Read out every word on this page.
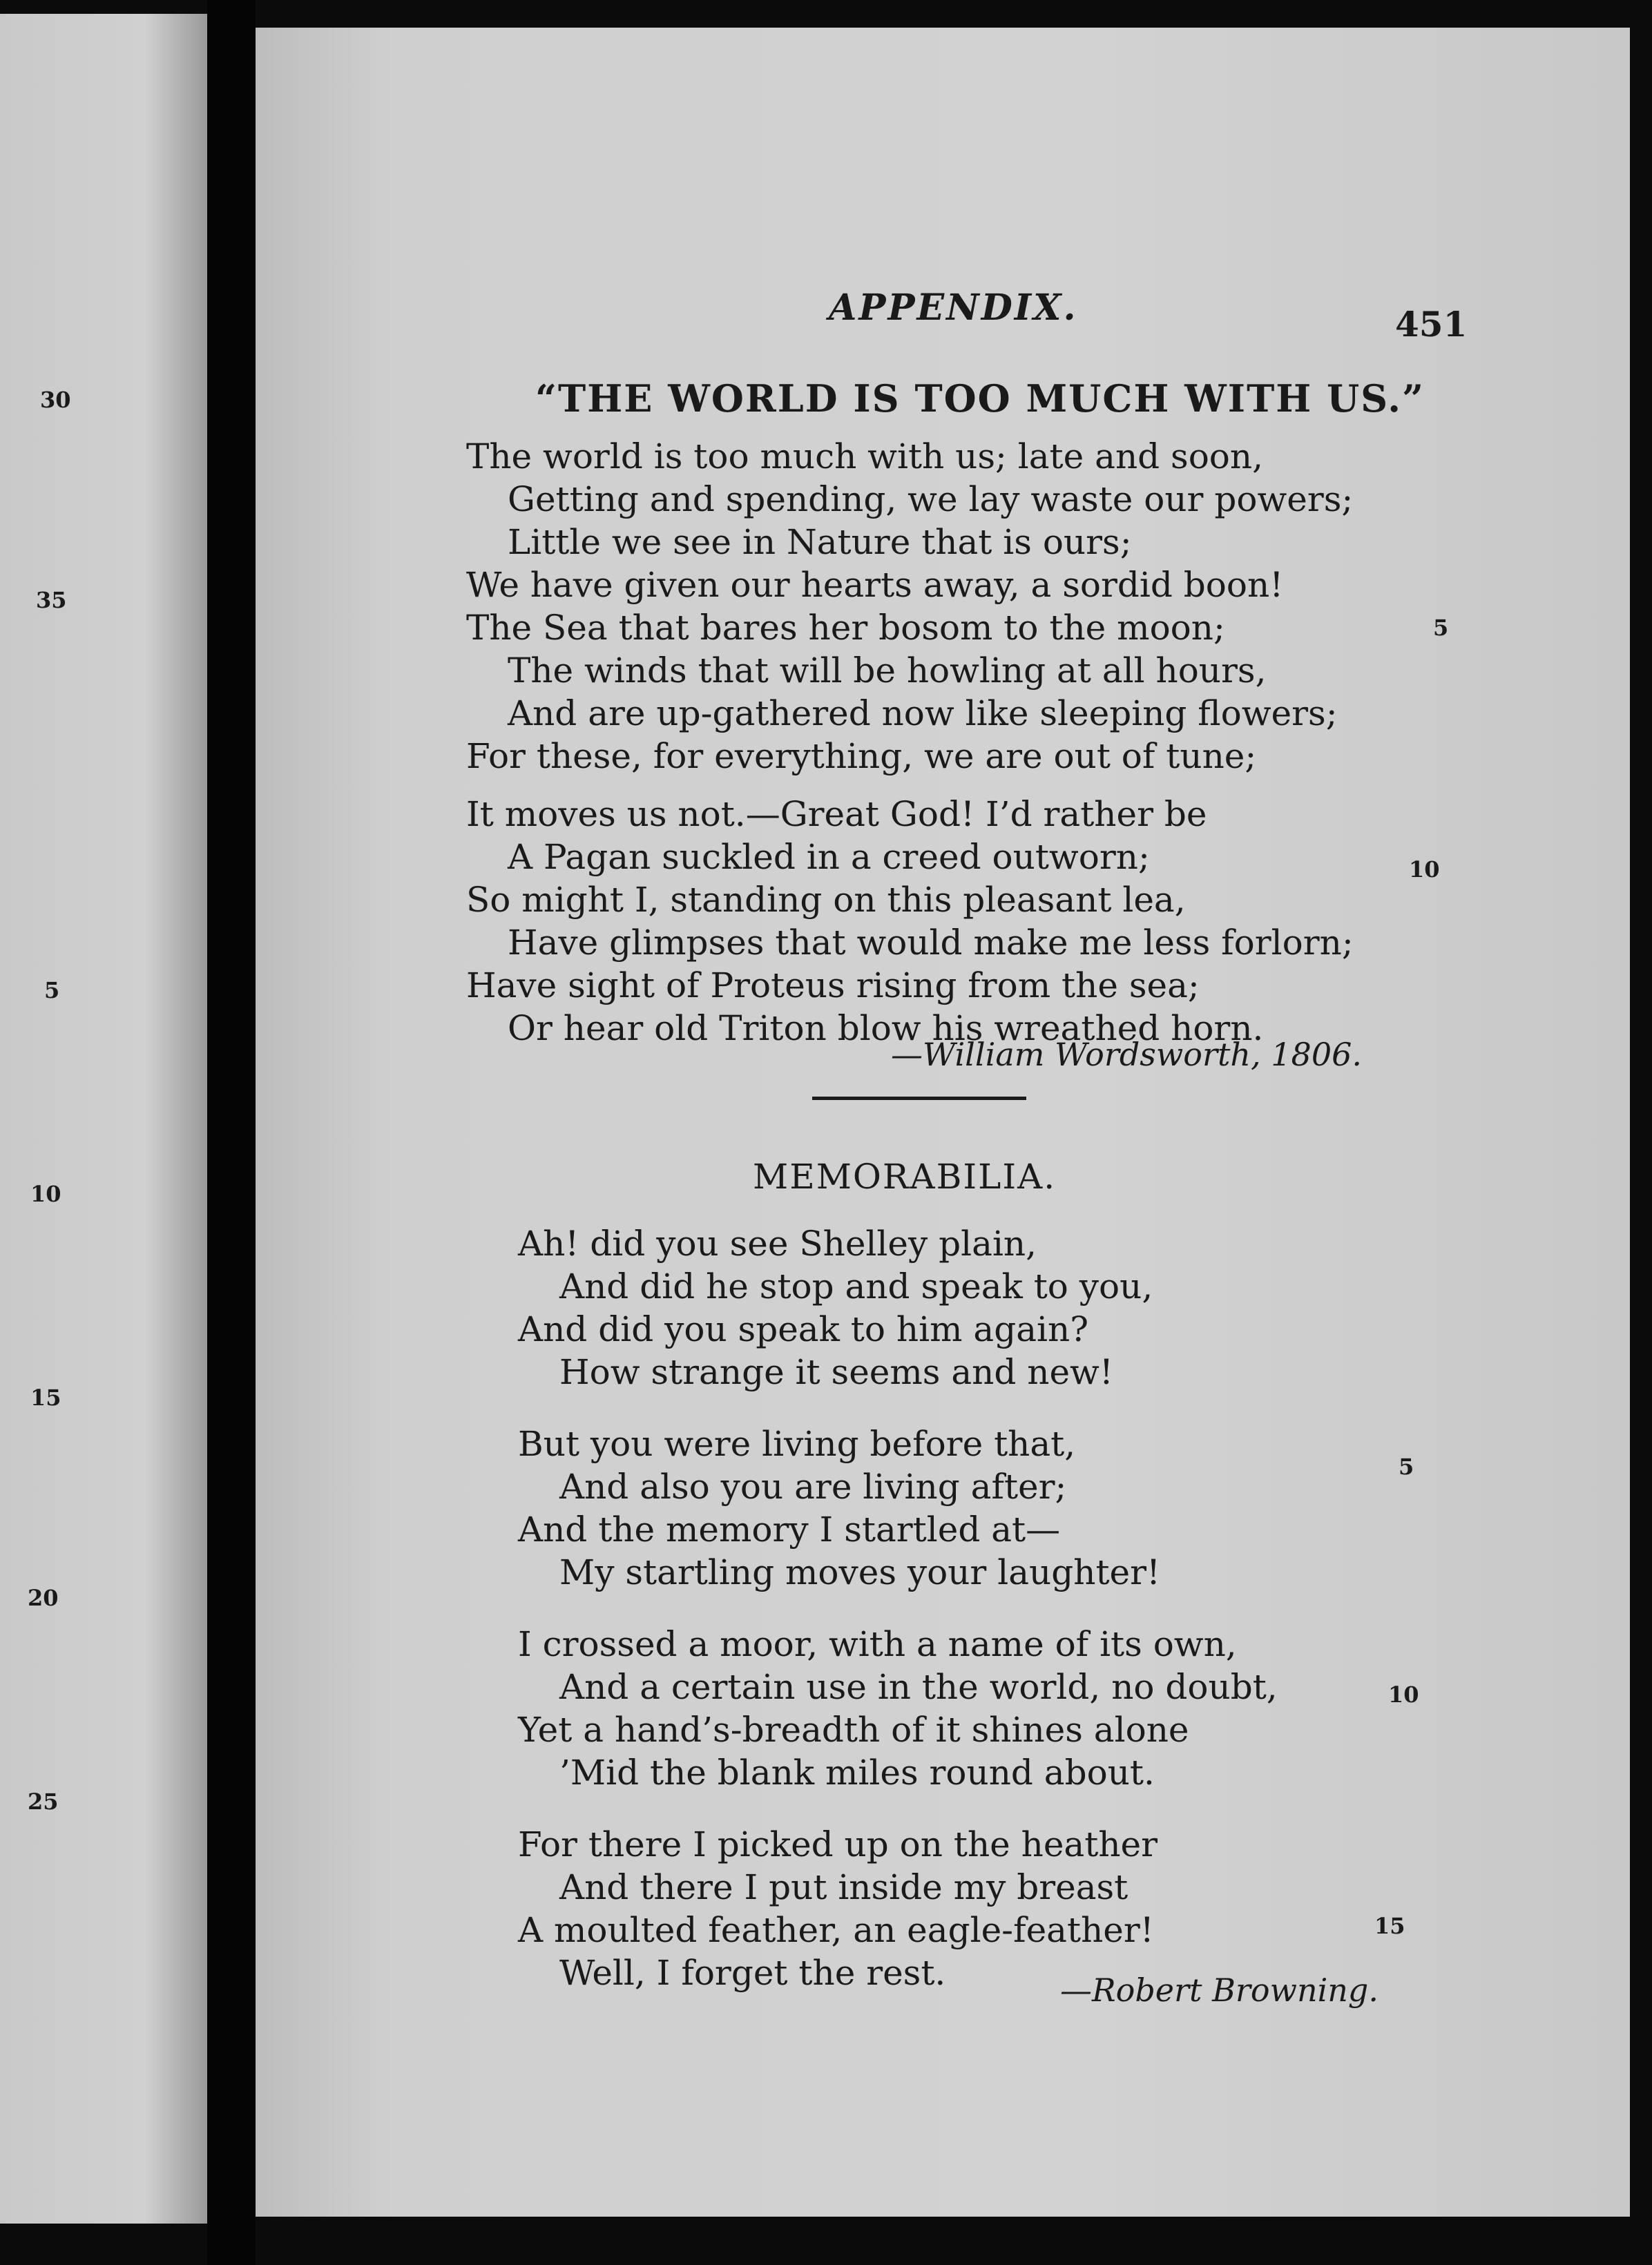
30
35
5
10
15
20
25
APPENDIX.	451
“THE WORLD IS TOO MUCH WITH US.”
The world is too much with us; late and soon,
Getting and spending, we lay waste our powers;
Little we see in Nature that is ours;
We have given our hearts away, a sordid boon!
The Sea that bares her bosom to the moon;
The winds that will be howling at all hours,
And are up-gathered now like sleeping flowers;
For these, for everything, we are out of tune;
It moves us not.—Great God! I’d rather be
A Pagan suckled in a creed outworn;
So might I, standing on this pleasant lea,
Have glimpses that would make me less forlorn;
Have sight of Proteus rising from the sea;
Or hear old Triton blow his wreathed horn.
5
10
—William Wordsworth, 1806.
MEMORABILIA.
Ah! did you see Shelley plain,
And did he stop and speak to you,
And did you speak to him again?
How strange it seems and new!
But you were living before that,
And also you are living after;
And the memory I startled at—
My startling moves your laughter!
I crossed a moor, with a name of its own,
And a certain use in the world, no doubt,
Yet a hand’s-breadth of it shines alone
’Mid the blank miles round about.
For there I picked up on the heather
And there I put inside my breast
A moulted feather, an eagle-feather!
Well, I forget the rest.
5
10
15
—Robert Browning.
